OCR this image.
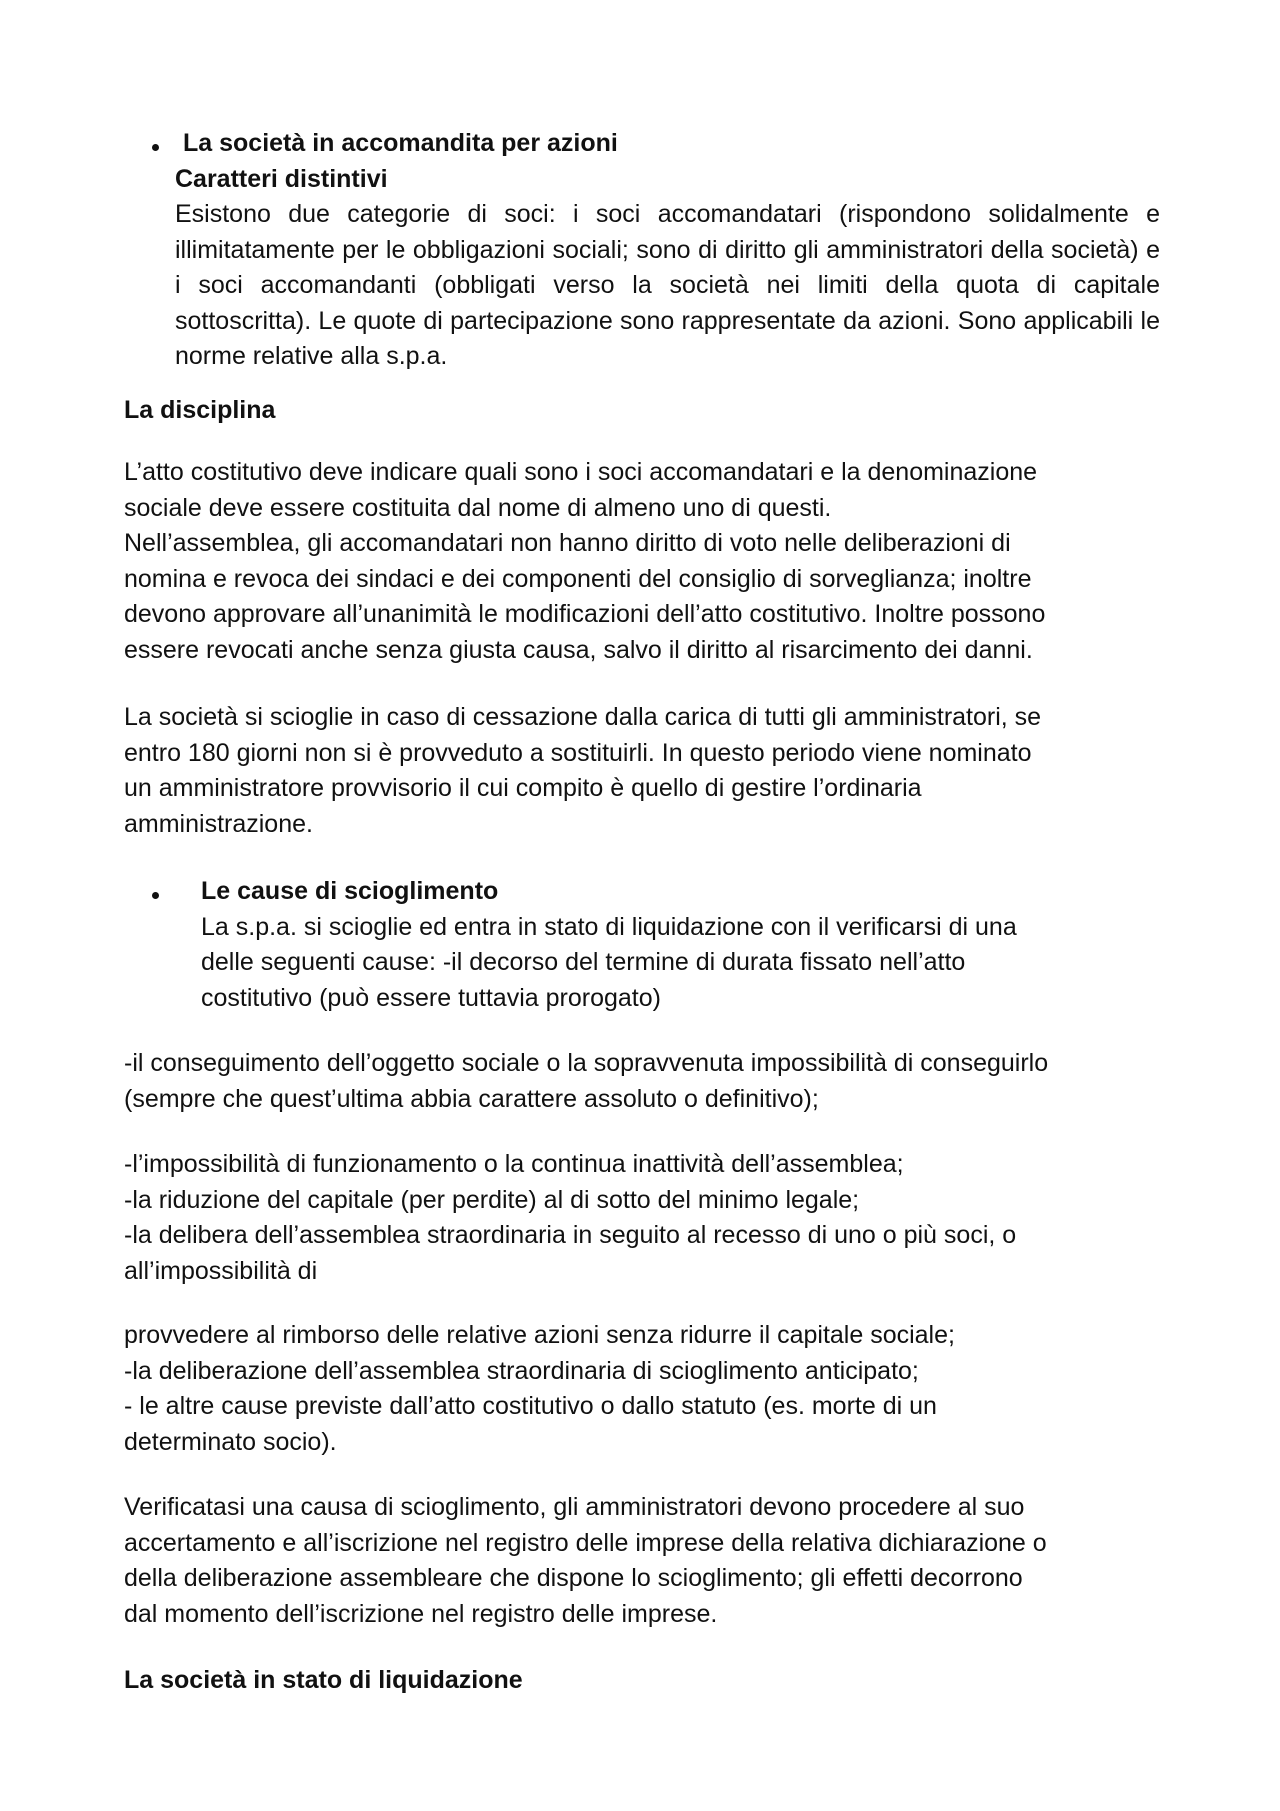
La società in accomandita per azioni
Caratteri distintivi
Esistono due categorie di soci: i soci accomandatari (rispondono solidalmente e illimitatamente per le obbligazioni sociali; sono di diritto gli amministratori della società) e i soci accomandanti (obbligati verso la società nei limiti della quota di capitale sottoscritta). Le quote di partecipazione sono rappresentate da azioni. Sono applicabili le norme relative alla s.p.a.
La disciplina
L’atto costitutivo deve indicare quali sono i soci accomandatari e la denominazione
sociale deve essere costituita dal nome di almeno uno di questi.
Nell’assemblea, gli accomandatari non hanno diritto di voto nelle deliberazioni di
nomina e revoca dei sindaci e dei componenti del consiglio di sorveglianza; inoltre
devono approvare all’unanimità le modificazioni dell’atto costitutivo. Inoltre possono
essere revocati anche senza giusta causa, salvo il diritto al risarcimento dei danni.
La società si scioglie in caso di cessazione dalla carica di tutti gli amministratori, se
entro 180 giorni non si è provveduto a sostituirli. In questo periodo viene nominato
un amministratore provvisorio il cui compito è quello di gestire l’ordinaria
amministrazione.
Le cause di scioglimento
La s.p.a. si scioglie ed entra in stato di liquidazione con il verificarsi di una
delle seguenti cause: -il decorso del termine di durata fissato nell’atto
costitutivo (può essere tuttavia prorogato)
-il conseguimento dell’oggetto sociale o la sopravvenuta impossibilità di conseguirlo
(sempre che quest’ultima abbia carattere assoluto o definitivo);
-l’impossibilità di funzionamento o la continua inattività dell’assemblea;
-la riduzione del capitale (per perdite) al di sotto del minimo legale;
-la delibera dell’assemblea straordinaria in seguito al recesso di uno o più soci, o
all’impossibilità di
provvedere al rimborso delle relative azioni senza ridurre il capitale sociale;
-la deliberazione dell’assemblea straordinaria di scioglimento anticipato;
- le altre cause previste dall’atto costitutivo o dallo statuto (es. morte di un
determinato socio).
Verificatasi una causa di scioglimento, gli amministratori devono procedere al suo
accertamento e all’iscrizione nel registro delle imprese della relativa dichiarazione o
della deliberazione assembleare che dispone lo scioglimento; gli effetti decorrono
dal momento dell’iscrizione nel registro delle imprese.
La società in stato di liquidazione
